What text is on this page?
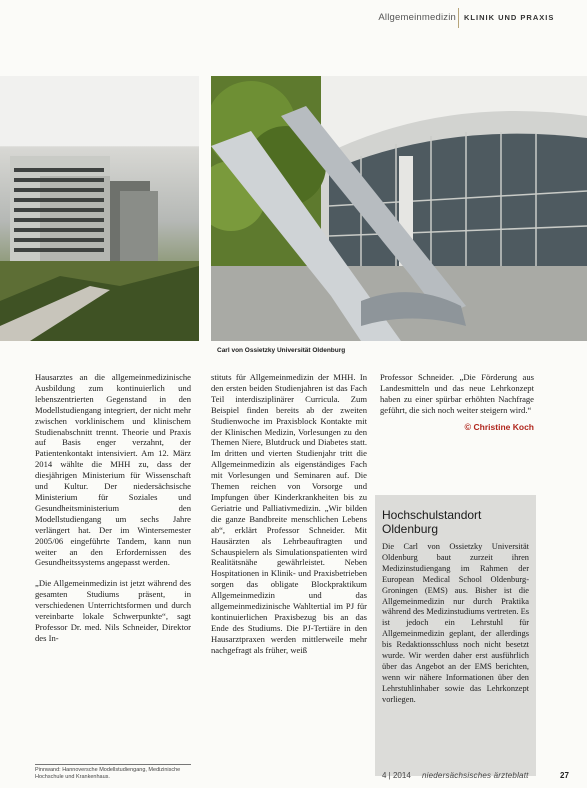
Allgemeinmedizin KLINIK UND PRAXIS
Carl von Ossietzky Universität Oldenburg

Hausarztes an die allgemeinmedizinische Ausbildung zum kontinuierlich und lebenszentrierten Gegenstand in den Modellstudiengang integriert, der nicht mehr zwischen vorklinischem und klinischem Studienabschnitt trennt. Theorie und Praxis auf Basis enger verzahnt, der Patientenkontakt intensiviert. Am 12. März 2014 wählte die MHH zu, dass der diesjährigen Ministerium für Wissenschaft und Kultur. Der niedersächsische Ministerium für Soziales und Gesundheitsministerium den Modellstudiengang um sechs Jahre verlängert hat. Der im Wintersemester 2005/06 eingeführte Tandem, kann nun weiter an den Erfordernissen des Gesundheitssystems angepasst werden.

„Die Allgemeinmedizin ist jetzt während des gesamten Studiums präsent, in verschiedenen Unterrichtsformen und durch vereinbarte lokale Schwerpunkte“, sagt Professor Dr. med. Nils Schneider, Direktor des In-

stituts für Allgemeinmedizin der MHH. In den ersten beiden Studienjahren ist das Fach Teil interdisziplinärer Curricula. Zum Beispiel finden bereits ab der zweiten Studienwoche im Praxisblock Kontakte mit der Klinischen Medizin, Vorlesungen zu den Themen Niere, Blutdruck und Diabetes statt. Im dritten und vierten Studienjahr tritt die Allgemeinmedizin als eigenständiges Fach mit Vorlesungen und Seminaren auf. Die Themen reichen von Vorsorge und Impfungen über Kinderkrankheiten bis zu Geriatrie und Palliativmedizin. „Wir bilden die ganze Bandbreite menschlichen Lebens ab“, erklärt Professor Schneider. Mit Hausärzten als Lehrbeauftragten und Schauspielern als Simulationspatienten wird Realitätsnähe gewährleistet. Neben Hospitationen in Klinik- und Praxisbetrieben sorgen das obligate Blockpraktikum Allgemeinmedizin und das allgemeinmedizinische Wahltertial im PJ für kontinuierlichen Praxisbezug bis an das Ende des Studiums. Die PJ-Tertiäre in den Hausarztpraxen werden mittlerweile mehr nachgefragt als früher, weiß

Professor Schneider. „Die Förderung aus Landesmitteln und das neue Lehrkonzept haben zu einer spürbar erhöhten Nachfrage geführt, die sich noch weiter steigern wird.“

© Christine Koch
Hochschulstandort Oldenburg
Die Carl von Ossietzky Universität Oldenburg baut zurzeit ihren Medizinstudiengang im Rahmen der European Medical School Oldenburg-Groningen (EMS) aus. Bisher ist die Allgemeinmedizin nur durch Praktika während des Medizinstudiums vertreten. Es ist jedoch ein Lehrstuhl für Allgemeinmedizin geplant, der allerdings bis Redaktionsschluss noch nicht besetzt wurde. Wir werden daher erst ausführlich über das Angebot an der EMS berichten, wenn wir nähere Informationen über den Lehrstuhlinhaber sowie das Lehrkonzept vorliegen.
Pinnwand: Hannoversche Modellstudiengang, Medizinische Hochschule und Krankenhaus.	4 | 2014 niedersächsisches ärzteblatt	27
